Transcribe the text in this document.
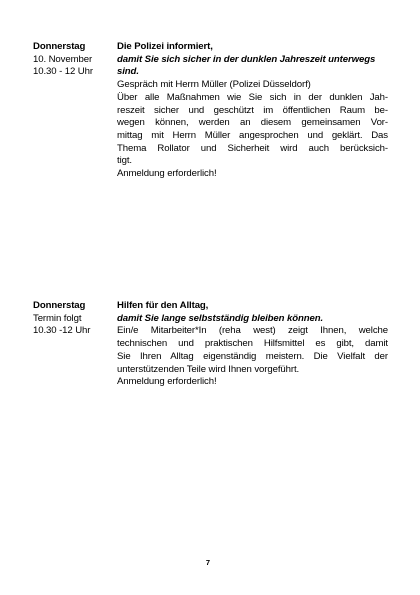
Donnerstag
10. November
10.30 - 12 Uhr
Die Polizei informiert,
damit Sie sich sicher in der dunklen Jahreszeit unterwegs
sind.
Gespräch mit Herrn Müller (Polizei Düsseldorf)
Über alle Maßnahmen wie Sie sich in der dunklen Jah-
reszeit sicher und geschützt im öffentlichen Raum be-
wegen können, werden an diesem gemeinsamen Vor-
mittag mit Herrn Müller angesprochen und geklärt. Das
Thema Rollator und Sicherheit wird auch berücksich-
tigt.
Anmeldung erforderlich!
Donnerstag
Termin folgt
10.30 -12 Uhr
Hilfen für den Alltag,
damit Sie lange selbstständig bleiben können.
Ein/e Mitarbeiter*In (reha west) zeigt Ihnen, welche
technischen und praktischen Hilfsmittel es gibt, damit
Sie Ihren Alltag eigenständig meistern. Die Vielfalt der
unterstützenden Teile wird Ihnen vorgeführt.
Anmeldung erforderlich!
7
